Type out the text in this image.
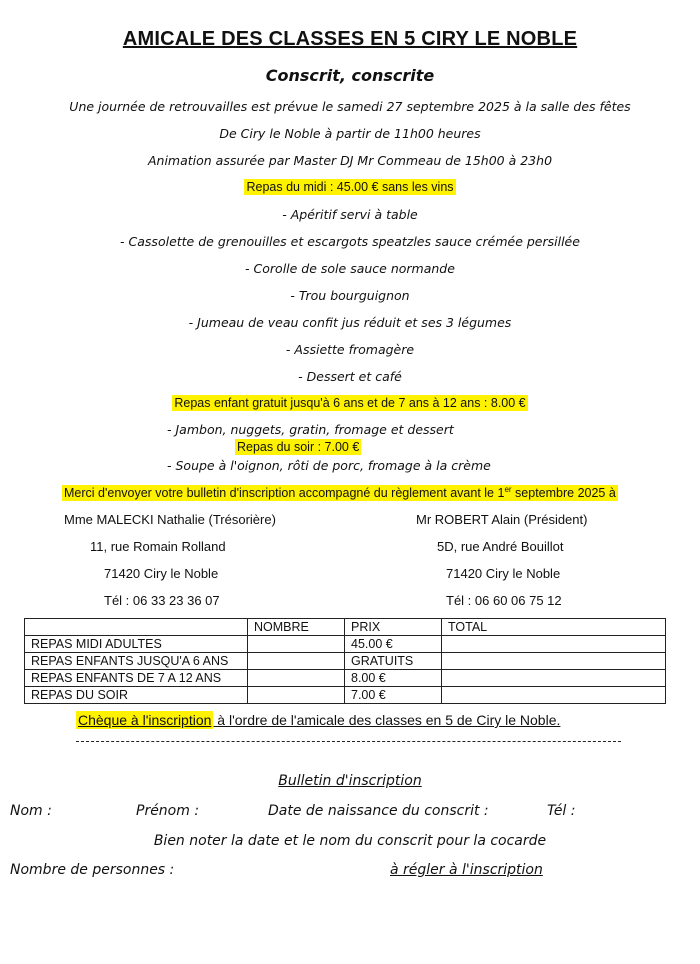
AMICALE DES CLASSES EN 5 CIRY LE NOBLE
Conscrit, conscrite
Une journée de retrouvailles est prévue le samedi 27 septembre 2025 à la salle des fêtes
De Ciry le Noble à partir de 11h00 heures
Animation assurée par Master DJ Mr Commeau de 15h00 à 23h0
Repas du midi : 45.00 € sans les vins
- Apéritif servi à table
- Cassolette de grenouilles et escargots speatzles sauce crémée persillée
- Corolle de sole sauce normande
- Trou bourguignon
- Jumeau de veau confit jus réduit et ses 3 légumes
- Assiette fromagère
- Dessert et café
Repas enfant gratuit jusqu'à 6 ans et de 7 ans à 12 ans : 8.00 €
- Jambon, nuggets, gratin, fromage et dessert
Repas du soir : 7.00 €
- Soupe à l'oignon, rôti de porc, fromage à la crème
Merci d'envoyer votre bulletin d'inscription accompagné du règlement avant le 1er septembre 2025 à
Mme MALECKI Nathalie (Trésorière)
11, rue Romain Rolland
71420 Ciry le Noble
Tél : 06 33 23 36 07
Mr ROBERT Alain (Président)
5D, rue André Bouillot
71420 Ciry le Noble
Tél : 06 60 06 75 12
	NOMBRE	PRIX	TOTAL
REPAS MIDI ADULTES		45.00 €	
REPAS ENFANTS JUSQU'A 6 ANS		GRATUITS	
REPAS ENFANTS DE 7 A 12 ANS		8.00 €	
REPAS DU SOIR		7.00 €	
Chèque à l'inscription à l'ordre de l'amicale des classes en 5 de Ciry le Noble.
Bulletin d'inscription
Nom :	Prénom :	Date de naissance du conscrit :	Tél :
Bien noter la date et le nom du conscrit pour la cocarde
Nombre de personnes :	à régler à l'inscription
